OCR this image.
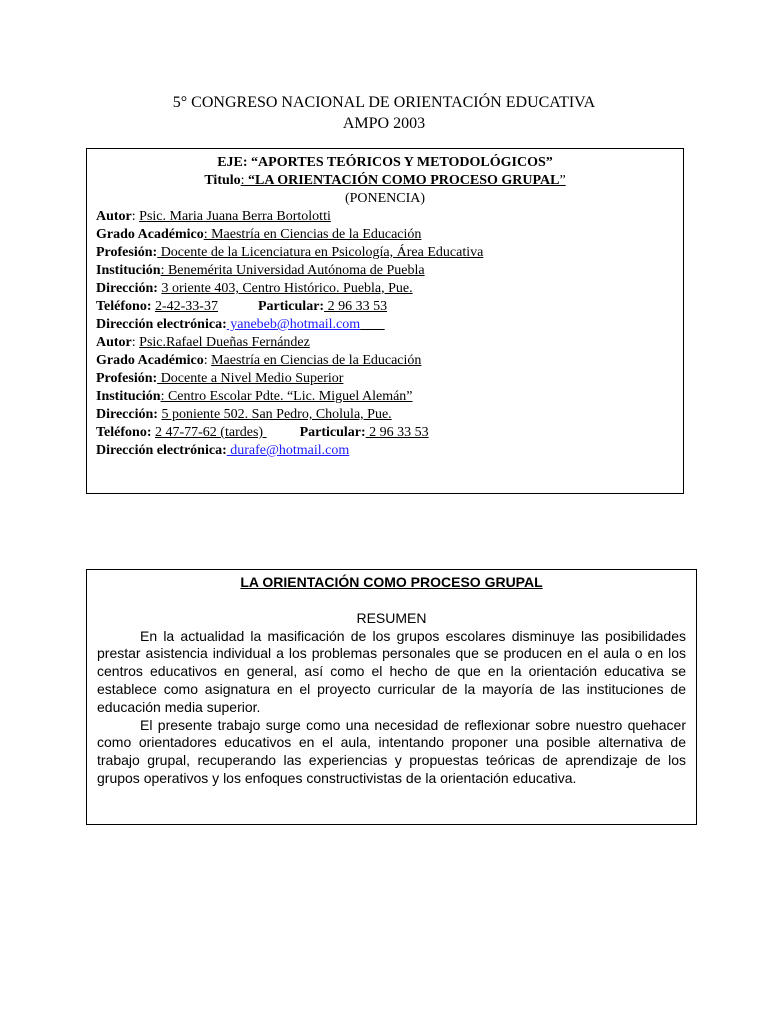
5° CONGRESO NACIONAL DE ORIENTACIÓN EDUCATIVA
AMPO 2003
EJE: “APORTES TEÓRICOS Y METODOLÓGICOS”
Titulo: “LA ORIENTACIÓN COMO PROCESO GRUPAL”
(PONENCIA)
Autor: Psic. Maria Juana Berra Bortolotti
Grado Académico: Maestría en Ciencias de la Educación
Profesión: Docente de la Licenciatura en Psicología, Área Educativa
Institución: Benemérita Universidad Autónoma de Puebla
Dirección: 3 oriente 403, Centro Histórico. Puebla, Pue.
Teléfono: 2-42-33-37	Particular: 2 96 33 53
Dirección electrónica: yanebeb@hotmail.com
Autor: Psic.Rafael Dueñas Fernández
Grado Académico: Maestría en Ciencias de la Educación
Profesión: Docente a Nivel Medio Superior
Institución: Centro Escolar Pdte. “Lic. Miguel Alemán”
Dirección: 5 poniente 502. San Pedro, Cholula, Pue.
Teléfono: 2 47-77-62 (tardes) Particular: 2 96 33 53
Dirección electrónica: durafe@hotmail.com

LA ORIENTACIÓN COMO PROCESO GRUPAL

RESUMEN

En la actualidad la masificación de los grupos escolares disminuye las posibilidades prestar asistencia individual a los problemas personales que se producen en el aula o en los centros educativos en general, así como el hecho de que en la orientación educativa se establece como asignatura en el proyecto curricular de la mayoría de las instituciones de educación media superior.

El presente trabajo surge como una necesidad de reflexionar sobre nuestro quehacer como orientadores educativos en el aula, intentando proponer una posible alternativa de trabajo grupal, recuperando las experiencias y propuestas teóricas de aprendizaje de los grupos operativos y los enfoques constructivistas de la orientación educativa.
